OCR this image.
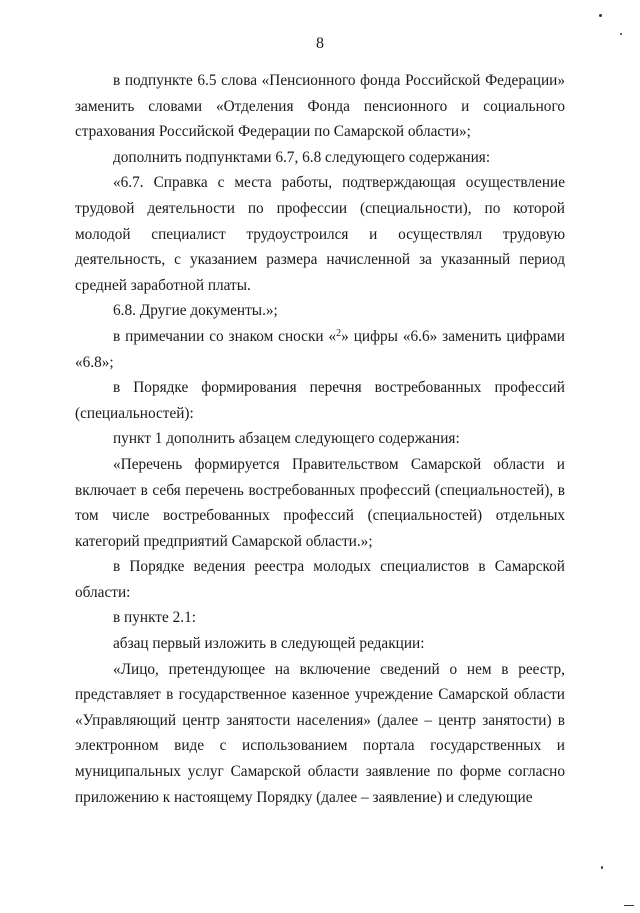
8

в подпункте 6.5 слова «Пенсионного фонда Российской Федерации» заменить словами «Отделения Фонда пенсионного и социального страхования Российской Федерации по Самарской области»;

дополнить подпунктами 6.7, 6.8 следующего содержания:

«6.7. Справка с места работы, подтверждающая осуществление трудовой деятельности по профессии (специальности), по которой молодой специалист трудоустроился и осуществлял трудовую деятельность, с указанием размера начисленной за указанный период средней заработной платы.

6.8. Другие документы.»;

в примечании со знаком сноски «$^2$» цифры «6.6» заменить цифрами «6.8»;

в Порядке формирования перечня востребованных профессий (специальностей):

пункт 1 дополнить абзацем следующего содержания:

«Перечень формируется Правительством Самарской области и включает в себя перечень востребованных профессий (специальностей), в том числе востребованных профессий (специальностей) отдельных категорий предприятий Самарской области.»;

в Порядке ведения реестра молодых специалистов в Самарской области:

в пункте 2.1:

абзац первый изложить в следующей редакции:

«Лицо, претендующее на включение сведений о нем в реестр, представляет в государственное казенное учреждение Самарской области «Управляющий центр занятости населения» (далее – центр занятости) в электронном виде с использованием портала государственных и муниципальных услуг Самарской области заявление по форме согласно приложению к настоящему Порядку (далее – заявление) и следующие
